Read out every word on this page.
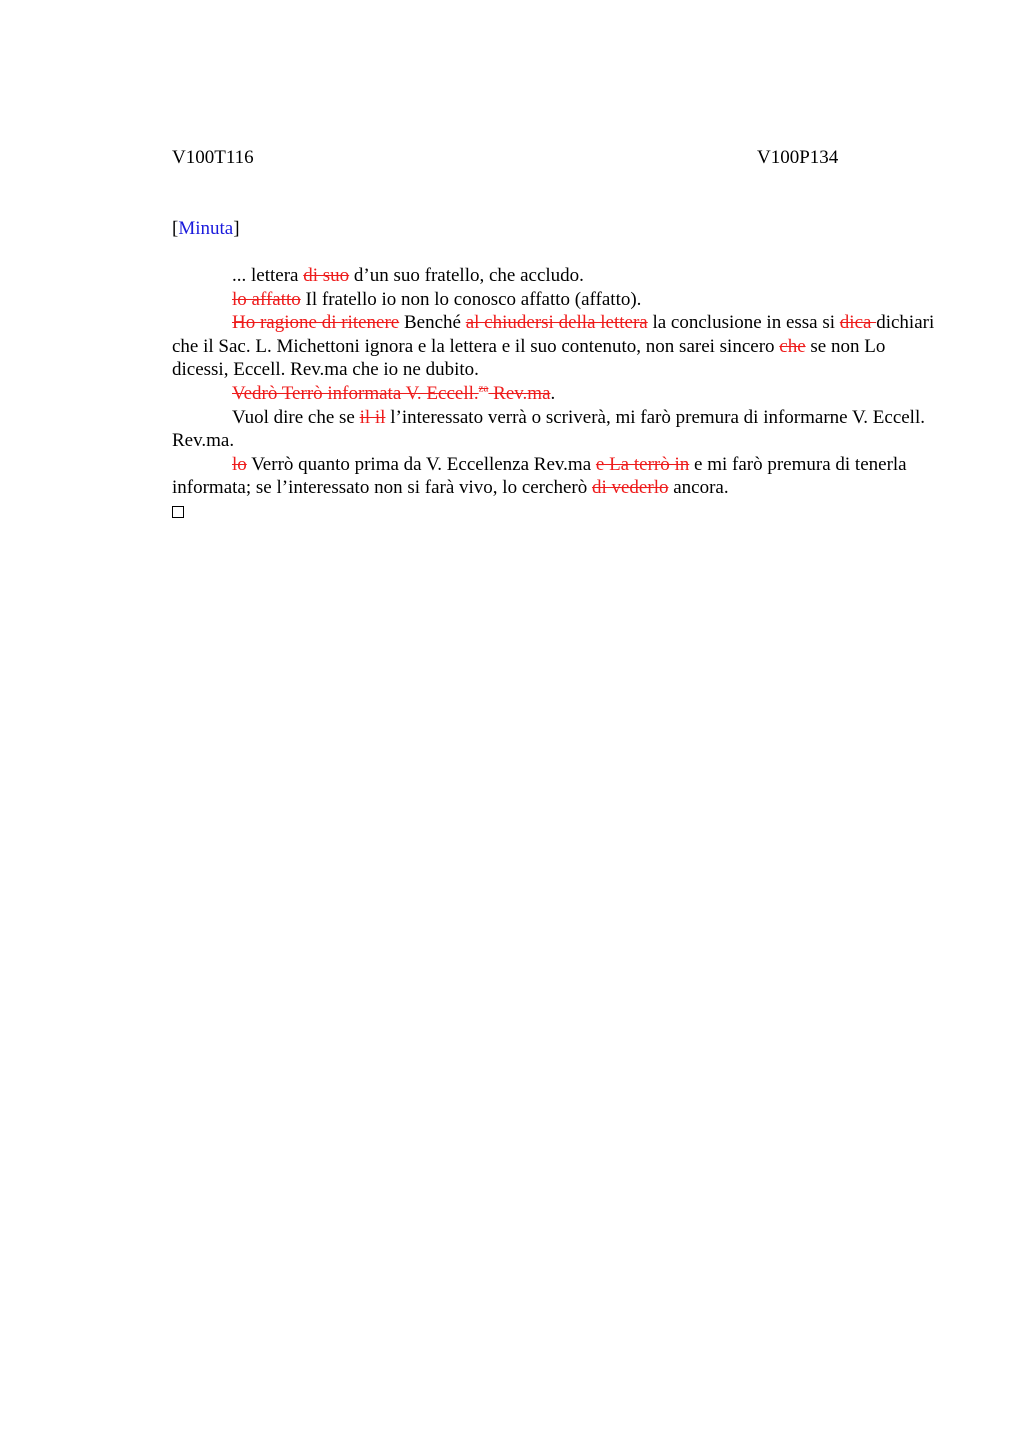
V100T116	V100P134
[Minuta]

... lettera di suo d’un suo fratello, che accludo.

lo affatto Il fratello io non lo conosco affatto (affatto).

Ho ragione di ritenere Benché al chiudersi della lettera la conclusione in essa si dica dichiari che il Sac. L. Michettoni ignora e la lettera e il suo contenuto, non sarei sincero che se non Lo dicessi, Eccell. Rev.ma che io ne dubito.

Vedrò Terrò informata V. Eccell.$^{za}$ Rev.ma.

Vuol dire che se il il l’interessato verrà o scriverà, mi farò premura di informarne V. Eccell. Rev.ma.

lo Verrò quanto prima da V. Eccellenza Rev.ma e La terrò in e mi farò premura di tenerla informata; se l’interessato non si farà vivo, lo cercherò di vederlo ancora.
